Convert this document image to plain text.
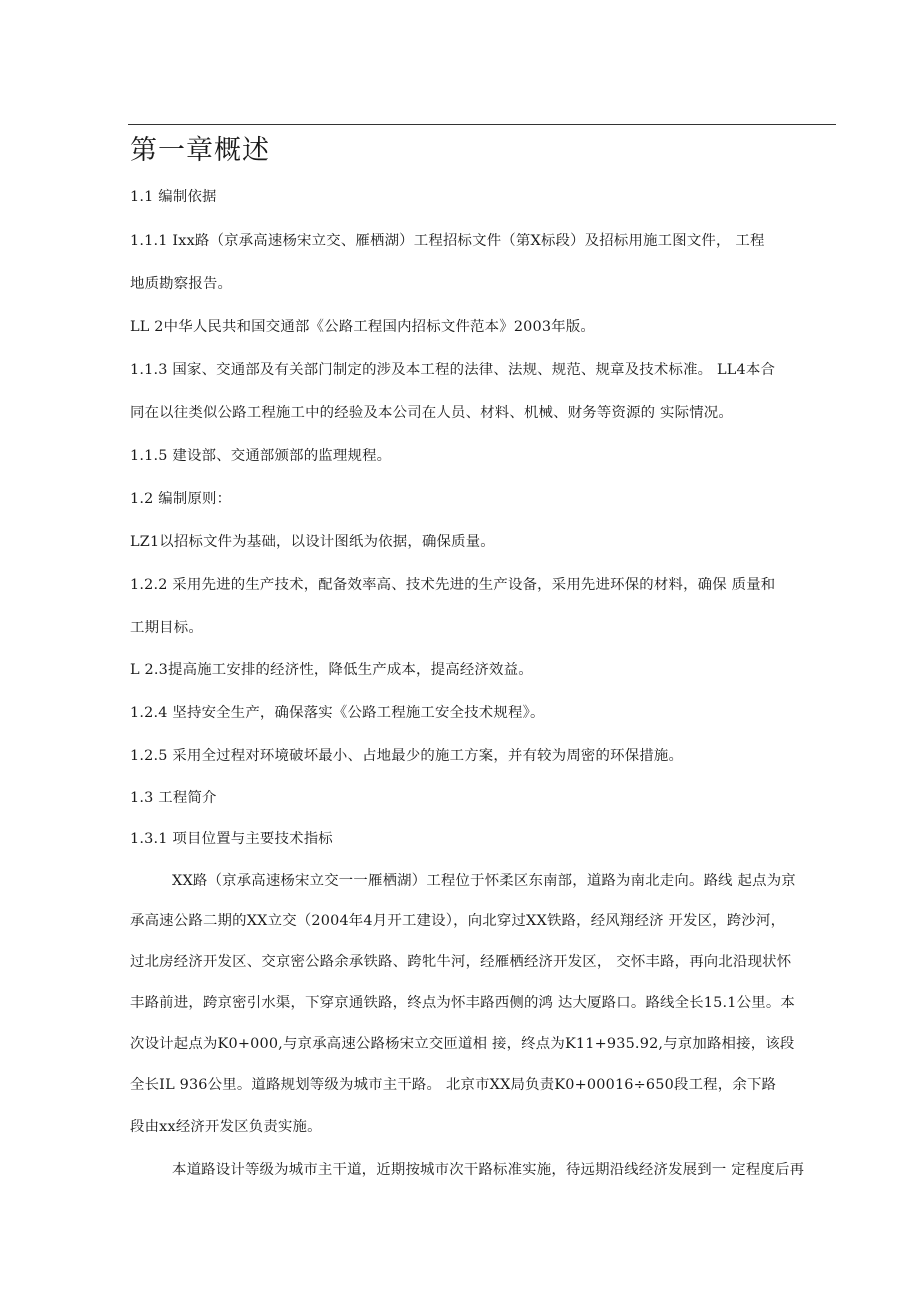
第一章概述
1.1 编制依据
1.1.1 Ixx路（京承高速杨宋立交、雁栖湖）工程招标文件（第X标段）及招标用施工图文件， 工程
地质勘察报告。
LL 2中华人民共和国交通部《公路工程国内招标文件范本》2003年版。
1.1.3 国家、交通部及有关部门制定的涉及本工程的法律、法规、规范、规章及技术标准。 LL4本合
同在以往类似公路工程施工中的经验及本公司在人员、材料、机械、财务等资源的 实际情况。
1.1.5 建设部、交通部颁部的监理规程。
1.2 编制原则：
LZ1以招标文件为基础，以设计图纸为依据，确保质量。
1.2.2 采用先进的生产技术，配备效率高、技术先进的生产设备，采用先进环保的材料，确保 质量和
工期目标。
L 2.3提高施工安排的经济性，降低生产成本，提高经济效益。
1.2.4 坚持安全生产，确保落实《公路工程施工安全技术规程》。
1.2.5 采用全过程对环境破坏最小、占地最少的施工方案，并有较为周密的环保措施。
1.3 工程简介
1.3.1 项目位置与主要技术指标
XX路（京承高速杨宋立交一一雁栖湖）工程位于怀柔区东南部，道路为南北走向。路线 起点为京
承高速公路二期的XX立交（2004年4月开工建设），向北穿过XX铁路，经风翔经济 开发区，跨沙河，
过北房经济开发区、交京密公路余承铁路、跨牝牛河，经雁栖经济开发区， 交怀丰路，再向北沿现状怀
丰路前进，跨京密引水渠，下穿京通铁路，终点为怀丰路西侧的鸿 达大厦路口。路线全长15.1公里。本
次设计起点为K0+000,与京承高速公路杨宋立交匝道相 接，终点为K11+935.92,与京加路相接，该段
全长IL 936公里。道路规划等级为城市主干路。 北京市XX局负责K0+00016÷650段工程，余下路
段由xx经济开发区负责实施。
本道路设计等级为城市主干道，近期按城市次干路标准实施，待远期沿线经济发展到一 定程度后再
